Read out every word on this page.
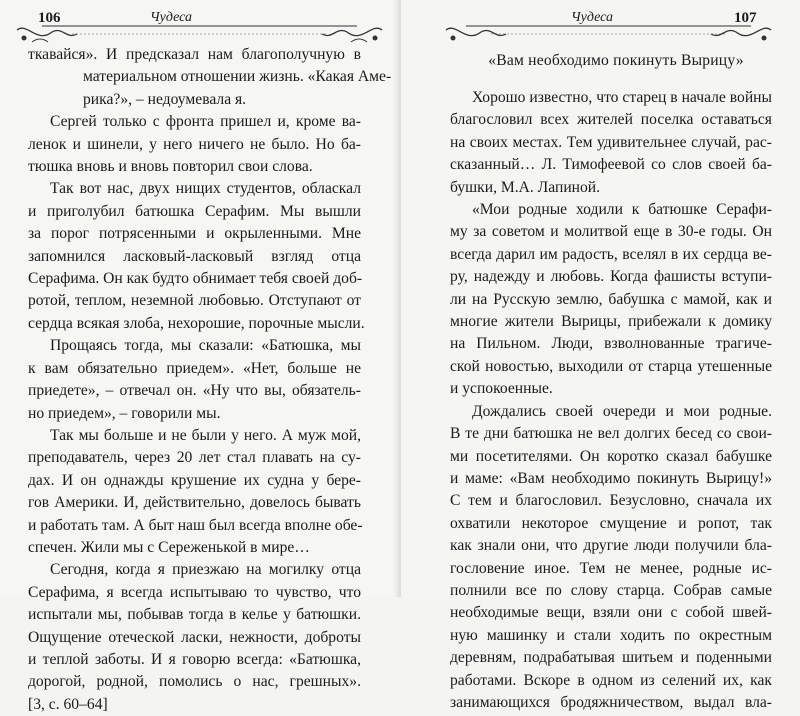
106	Чудеса
ткавайся». И предсказал нам благополучную в
материальном отношении жизнь. «Какая Аме-
рика?», – недоумевала я.
Сергей только с фронта пришел и, кроме ва-
ленок и шинели, у него ничего не было. Но ба-
тюшка вновь и вновь повторил свои слова.
Так вот нас, двух нищих студентов, обласкал
и приголубил батюшка Серафим. Мы вышли
за порог потрясенными и окрыленными. Мне
запомнился ласковый-ласковый взгляд отца
Серафима. Он как будто обнимает тебя своей доб-
ротой, теплом, неземной любовью. Отступают от
сердца всякая злоба, нехорошие, порочные мысли.
Прощаясь тогда, мы сказали: «Батюшка, мы
к вам обязательно приедем». «Нет, больше не
приедете», – отвечал он. «Ну что вы, обязатель-
но приедем», – говорили мы.
Так мы больше и не были у него. А муж мой,
преподаватель, через 20 лет стал плавать на су-
дах. И он однажды крушение их судна у бере-
гов Америки. И, действительно, довелось бывать
и работать там. А быт наш был всегда вполне обе-
спечен. Жили мы с Сереженькой в мире…
Сегодня, когда я приезжаю на могилку отца
Серафима, я всегда испытываю то чувство, что
испытали мы, побывав тогда в келье у батюшки.
Ощущение отеческой ласки, нежности, доброты
и теплой заботы. И я говорю всегда: «Батюшка,
дорогой, родной, помолись о нас, грешных».
[3, с. 60–64]
Чудеса	107
«Вам необходимо покинуть Вырицу»
Хорошо известно, что старец в начале войны
благословил всех жителей поселка оставаться
на своих местах. Тем удивительнее случай, рас-
сказанный… Л. Тимофеевой со слов своей ба-
бушки, М.А. Лапиной.
«Мои родные ходили к батюшке Серафи-
му за советом и молитвой еще в 30-е годы. Он
всегда дарил им радость, вселял в их сердца ве-
ру, надежду и любовь. Когда фашисты вступи-
ли на Русскую землю, бабушка с мамой, как и
многие жители Вырицы, прибежали к домику
на Пильном. Люди, взволнованные трагиче-
ской новостью, выходили от старца утешенные
и успокоенные.
Дождались своей очереди и мои родные.
В те дни батюшка не вел долгих бесед со свои-
ми посетителями. Он коротко сказал бабушке
и маме: «Вам необходимо покинуть Вырицу!»
С тем и благословил. Безусловно, сначала их
охватили некоторое смущение и ропот, так
как знали они, что другие люди получили бла-
гословение иное. Тем не менее, родные ис-
полнили все по слову старца. Собрав самые
необходимые вещи, взяли они с собой швей-
ную машинку и стали ходить по окрестным
деревням, подрабатывая шитьем и поденными
работами. Вскоре в одном из селений их, как
занимающихся бродяжничеством, выдал вла-
